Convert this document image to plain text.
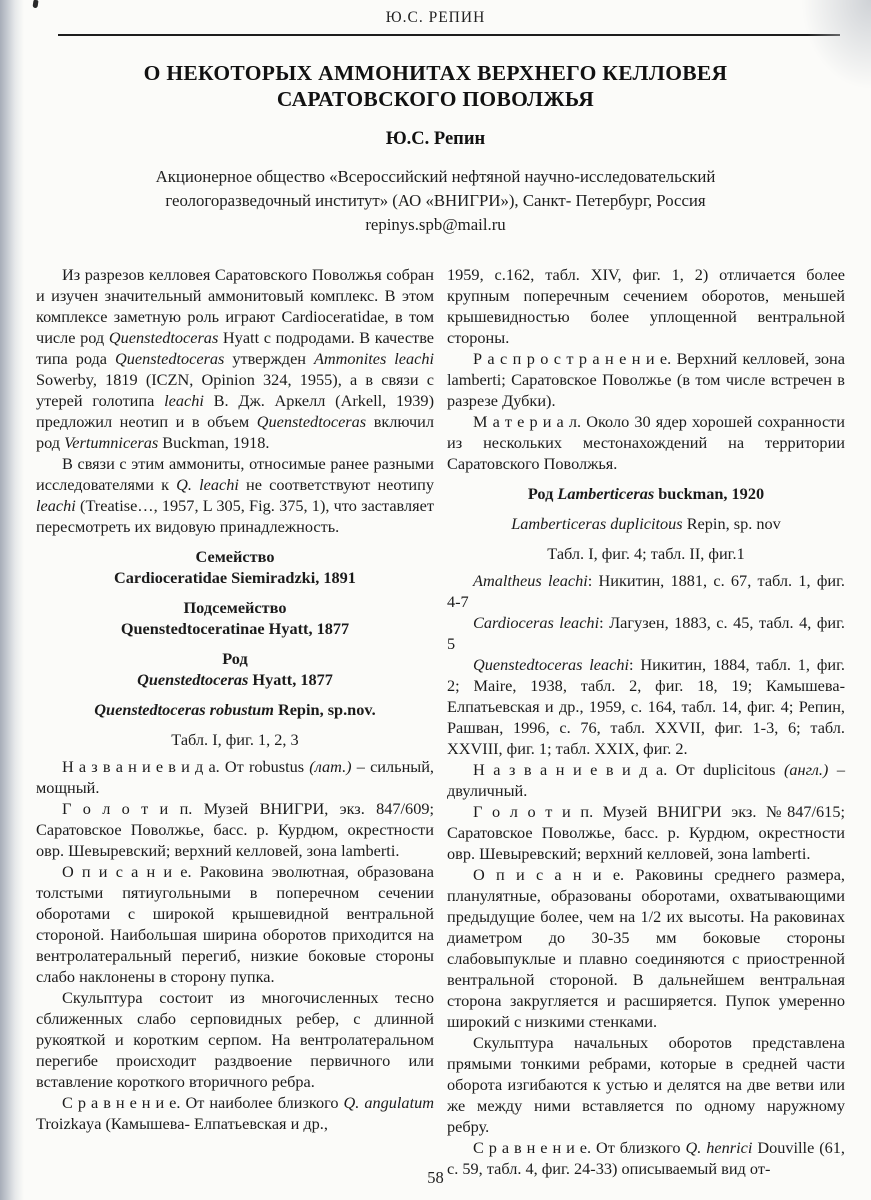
Ю.С. РЕПИН
О НЕКОТОРЫХ АММОНИТАХ ВЕРХНЕГО КЕЛЛОВЕЯ
САРАТОВСКОГО ПОВОЛЖЬЯ
Ю.С. Репин
Акционерное общество «Всероссийский нефтяной научно-исследовательский
геологоразведочный институт» (АО «ВНИГРИ»), Санкт- Петербург, Россия
repinys.spb@mail.ru
Из разрезов келловея Саратовского Поволжья собран и изучен значительный аммонитовый комплекс. В этом комплексе заметную роль играют Cardioceratidae, в том числе род Quenstedtoceras Hyatt с подродами. В качестве типа рода Quenstedtoceras утвержден Ammonites leachi Sowerby, 1819 (ICZN, Opinion 324, 1955), а в связи с утерей голотипа leachi В. Дж. Аркелл (Arkell, 1939) предложил неотип и в объем Quenstedtoceras включил род Vertumniceras Buckman, 1918.
В связи с этим аммониты, относимые ранее разными исследователями к Q. leachi не соответствуют неотипу leachi (Treatise…, 1957, L 305, Fig. 375, 1), что заставляет пересмотреть их видовую принадлежность.
Семейство
Cardioceratidae Siemiradzki, 1891
Подсемейство
Quenstedtoceratinae Hyatt, 1877
Род
Quenstedtoceras Hyatt, 1877
Quenstedtoceras robustum Repin, sp.nov.
Табл. I, фиг. 1, 2, 3
Н а з в а н и е в и д а. От robustus (лат.) – сильный, мощный.
Г о л о т и п. Музей ВНИГРИ, экз. 847/609; Саратовское Поволжье, басс. р. Курдюм, окрестности овр. Шевыревский; верхний келловей, зона lamberti.
О п и с а н и е. Раковина эволютная, образована толстыми пятиугольными в поперечном сечении оборотами с широкой крышевидной вентральной стороной. Наибольшая ширина оборотов приходится на вентролатеральный перегиб, низкие боковые стороны слабо наклонены в сторону пупка.
Скульптура состоит из многочисленных тесно сближенных слабо серповидных ребер, с длинной рукояткой и коротким серпом. На вентролатеральном перегибе происходит раздвоение первичного или вставление короткого вторичного ребра.
С р а в н е н и е. От наиболее близкого Q. angulatum Troizkaya (Камышева- Елпатьевская и др.,
1959, с.162, табл. XIV, фиг. 1, 2) отличается более крупным поперечным сечением оборотов, меньшей крышевидностью более уплощенной вентральной стороны.
Р а с п р о с т р а н е н и е. Верхний келловей, зона lamberti; Саратовское Поволжье (в том числе встречен в разрезе Дубки).
М а т е р и а л. Около 30 ядер хорошей сохранности из нескольких местонахождений на территории Саратовского Поволжья.
Род Lamberticeras buckman, 1920
Lamberticeras duplicitous Repin, sp. nov
Табл. I, фиг. 4; табл. II, фиг.1
Amaltheus leachi: Никитин, 1881, с. 67, табл. 1, фиг. 4-7
Cardioceras leachi: Лагузен, 1883, с. 45, табл. 4, фиг. 5
Quenstedtoceras leachi: Никитин, 1884, табл. 1, фиг. 2; Maire, 1938, табл. 2, фиг. 18, 19; Камышева-Елпатьевская и др., 1959, с. 164, табл. 14, фиг. 4; Репин, Рашван, 1996, с. 76, табл. XXVII, фиг. 1-3, 6; табл. XXVIII, фиг. 1; табл. XXIX, фиг. 2.
Н а з в а н и е в и д а. От duplicitous (англ.) – двуличный.
Г о л о т и п. Музей ВНИГРИ экз. №847/615; Саратовское Поволжье, басс. р. Курдюм, окрестности овр. Шевыревский; верхний келловей, зона lamberti.
О п и с а н и е. Раковины среднего размера, планулятные, образованы оборотами, охватывающими предыдущие более, чем на 1/2 их высоты. На раковинах диаметром до 30-35 мм боковые стороны слабовыпуклые и плавно соединяются с приостренной вентральной стороной. В дальнейшем вентральная сторона закругляется и расширяется. Пупок умеренно широкий с низкими стенками.
Скульптура начальных оборотов представлена прямыми тонкими ребрами, которые в средней части оборота изгибаются к устью и делятся на две ветви или же между ними вставляется по одному наружному ребру.
С р а в н е н и е. От близкого Q. henrici Douville (61, с. 59, табл. 4, фиг. 24-33) описываемый вид от-
58
